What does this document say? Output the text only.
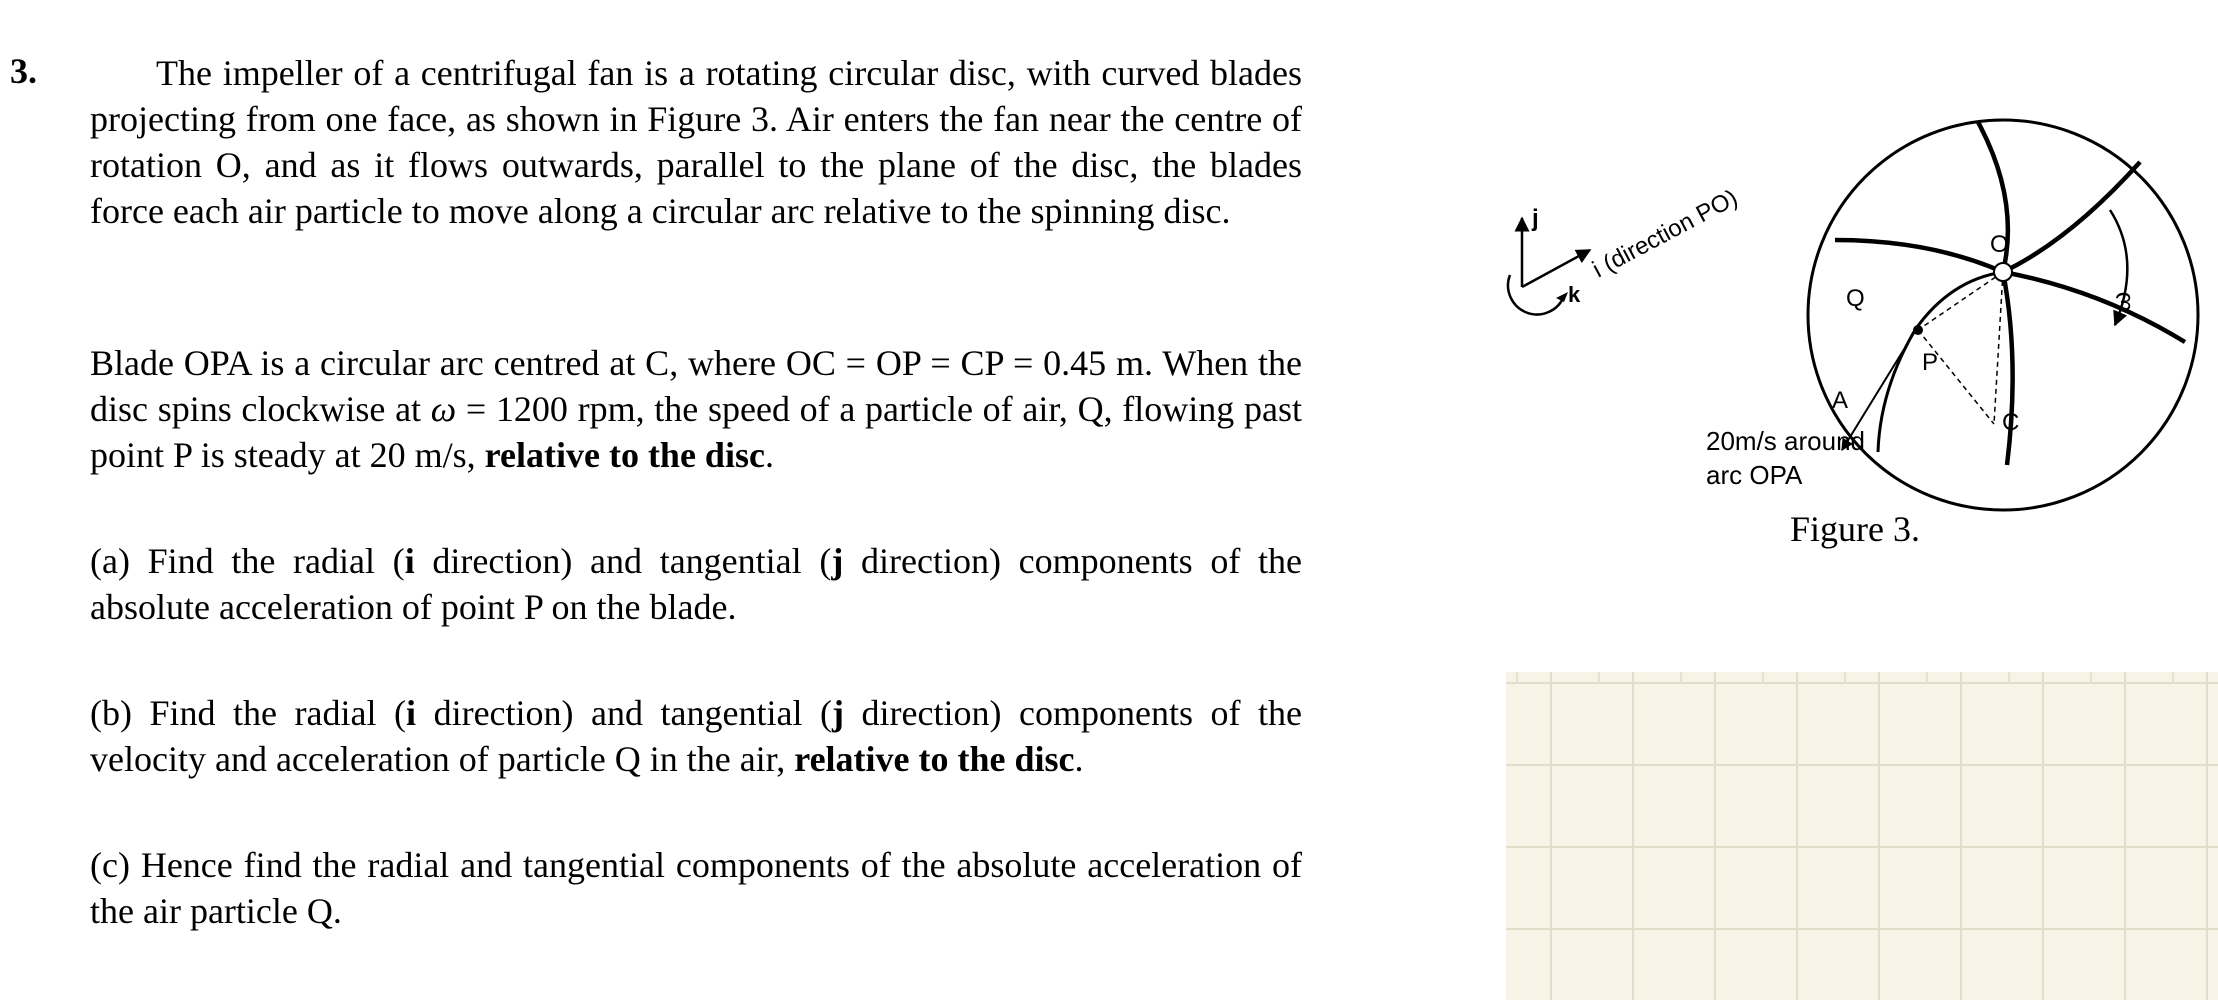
3.	The impeller of a centrifugal fan is a rotating circular disc, with curved blades projecting from one face, as shown in Figure 3. Air enters the fan near the centre of rotation O, and as it flows outwards, parallel to the plane of the disc, the blades force each air particle to move along a circular arc relative to the spinning disc.
Blade OPA is a circular arc centred at C, where OC = OP = CP = 0.45 m. When the disc spins clockwise at ω = 1200 rpm, the speed of a particle of air, Q, flowing past point P is steady at 20 m/s, relative to the disc.
(a) Find the radial (i direction) and tangential (j direction) components of the absolute acceleration of point P on the blade.
(b) Find the radial (i direction) and tangential (j direction) components of the velocity and acceleration of particle Q in the air, relative to the disc.
(c) Hence find the radial and tangential components of the absolute acceleration of the air particle Q.
j
k
i (direction PO)	O
Q
P
A
C
ω
20m/s around
arc OPA
Figure 3.
